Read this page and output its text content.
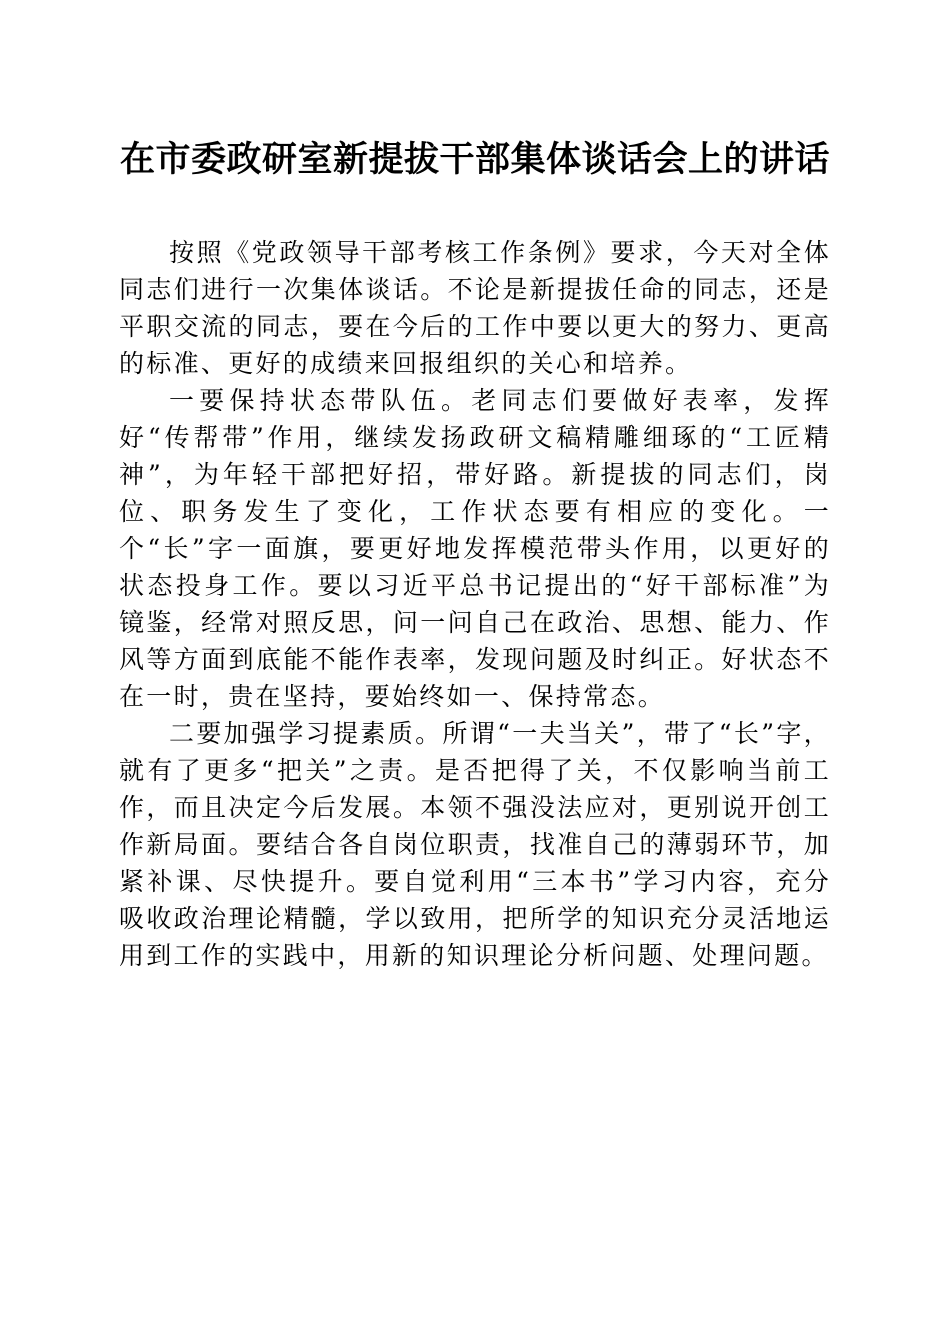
在市委政研室新提拔干部集体谈话会上的讲话

按照《党政领导干部考核工作条例》要求，今天对全体同志们进行一次集体谈话。不论是新提拔任命的同志，还是平职交流的同志，要在今后的工作中要以更大的努力、更高的标准、更好的成绩来回报组织的关心和培养。

一要保持状态带队伍。老同志们要做好表率，发挥好“传帮带”作用，继续发扬政研文稿精雕细琢的“工匠精神”，为年轻干部把好招，带好路。新提拔的同志们，岗位、职务发生了变化，工作状态要有相应的变化。一个“长”字一面旗，要更好地发挥模范带头作用，以更好的状态投身工作。要以习近平总书记提出的“好干部标准”为镜鉴，经常对照反思，问一问自己在政治、思想、能力、作风等方面到底能不能作表率，发现问题及时纠正。好状态不在一时，贵在坚持，要始终如一、保持常态。

二要加强学习提素质。所谓“一夫当关”，带了“长”字，就有了更多“把关”之责。是否把得了关，不仅影响当前工作，而且决定今后发展。本领不强没法应对，更别说开创工作新局面。要结合各自岗位职责，找准自己的薄弱环节，加紧补课、尽快提升。要自觉利用“三本书”学习内容，充分吸收政治理论精髓，学以致用，把所学的知识充分灵活地运用到工作的实践中，用新的知识理论分析问题、处理问题。
